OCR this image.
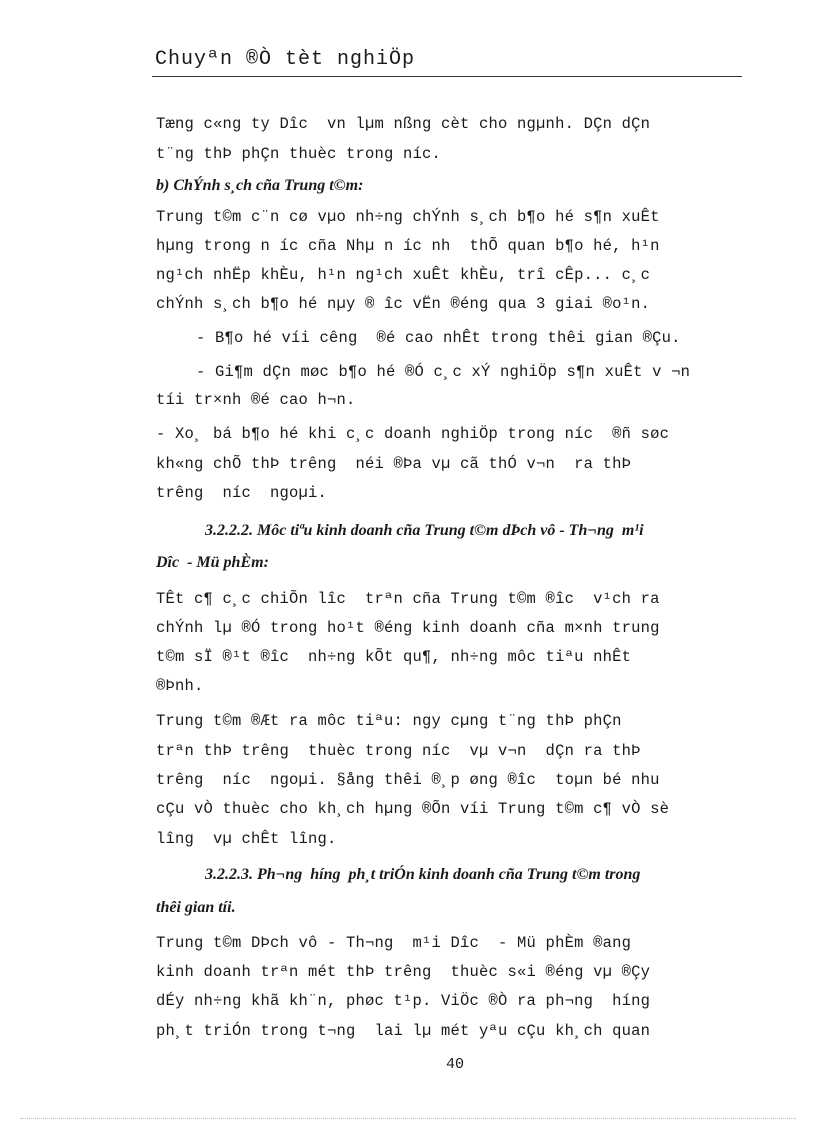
Chuyªn ®Ò tèt nghiÖp
Tæng c«ng ty Dîc  vn lµm nßng cèt cho ngµnh. DÇn dÇn
t¨ng thÞ phÇn thuèc trong níc.
b) ChÝnh s¸ch cña Trung t©m:
Trung t©m c¨n cø vµo nh÷ng chÝnh s¸ch b¶o hé s¶n xuÊt
hµng trong n íc cña Nhµ n íc nh  thÕ quan b¶o hé, h¹n
ng¹ch nhËp khÈu, h¹n ng¹ch xuÊt khÈu, trî cÊp... c¸c
chÝnh s¸ch b¶o hé nµy ® îc vËn ®éng qua 3 giai ®o¹n.
- B¶o hé víi cêng  ®é cao nhÊt trong thêi gian ®Çu.
- Gi¶m dÇn møc b¶o hé ®Ó c¸c xÝ nghiÖp s¶n xuÊt v ¬n
tíi tr×nh ®é cao h¬n.
- Xo¸ bá b¶o hé khi c¸c doanh nghiÖp trong níc  ®ñ søc
kh«ng chÕ thÞ trêng  néi ®Þa vµ cã thÓ v¬n  ra thÞ
trêng  níc  ngoµi.
3.2.2.2. Môc tiªu kinh doanh cña Trung t©m dÞch vô - Th¬ng  m¹i
Dîc  - Mü phÈm:
TÊt c¶ c¸c chiÕn lîc  trªn cña Trung t©m ®îc  v¹ch ra
chÝnh lµ ®Ó trong ho¹t ®éng kinh doanh cña m×nh trung
t©m sÏ ®¹t ®îc  nh÷ng kÕt qu¶, nh÷ng môc tiªu nhÊt
®Þnh.
Trung t©m ®Æt ra môc tiªu: ngy cµng t¨ng thÞ phÇn
trªn thÞ trêng  thuèc trong níc  vµ v¬n  dÇn ra thÞ
trêng  níc  ngoµi. §ång thêi ®¸p øng ®îc  toµn bé nhu
cÇu vÒ thuèc cho kh¸ch hµng ®Õn víi Trung t©m c¶ vÒ sè
lîng  vµ chÊt lîng.
3.2.2.3. Ph¬ng  híng  ph¸t triÓn kinh doanh cña Trung t©m trong
thêi gian tíi.
Trung t©m DÞch vô - Th¬ng  m¹i Dîc  - Mü phÈm ®ang
kinh doanh trªn mét thÞ trêng  thuèc s«i ®éng vµ ®Çy
dÉy nh÷ng khã kh¨n, phøc t¹p. ViÖc ®Ò ra ph¬ng  híng
ph¸t triÓn trong t¬ng  lai lµ mét yªu cÇu kh¸ch quan
40
